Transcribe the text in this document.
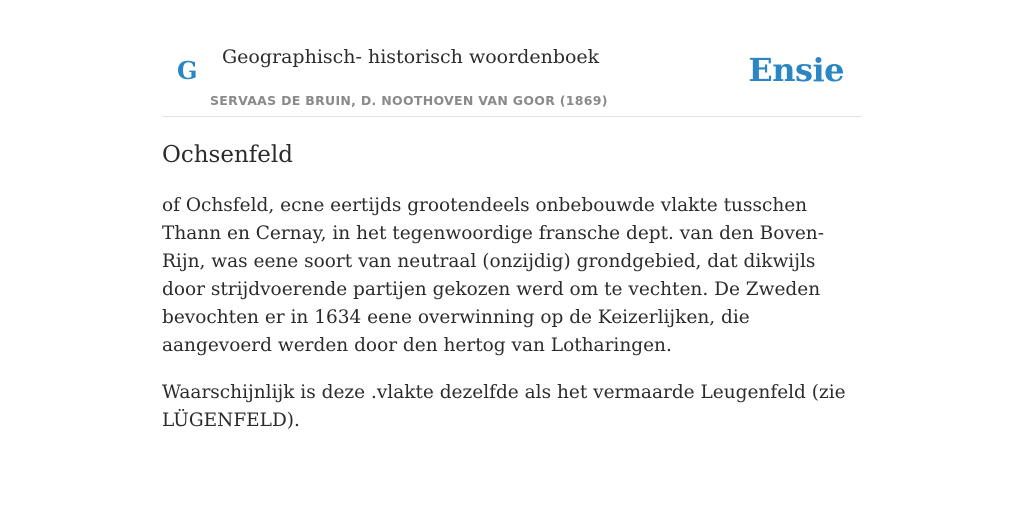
G Geographisch- historisch woordenboek
SERVAAS DE BRUIN, D. NOOTHOVEN VAN GOOR (1869)
Ensie
Ochsenfeld

of Ochsfeld, ecne eertijds grootendeels onbebouwde vlakte tusschen Thann en Cernay, in het tegenwoordige fransche dept. van den Boven-Rijn, was eene soort van neutraal (onzijdig) grondgebied, dat dikwijls door strijdvoerende partijen gekozen werd om te vechten. De Zweden bevochten er in 1634 eene overwinning op de Keizerlijken, die aangevoerd werden door den hertog van Lotharingen.

Waarschijnlijk is deze .vlakte dezelfde als het vermaarde Leugenfeld (zie LÜGENFELD).
